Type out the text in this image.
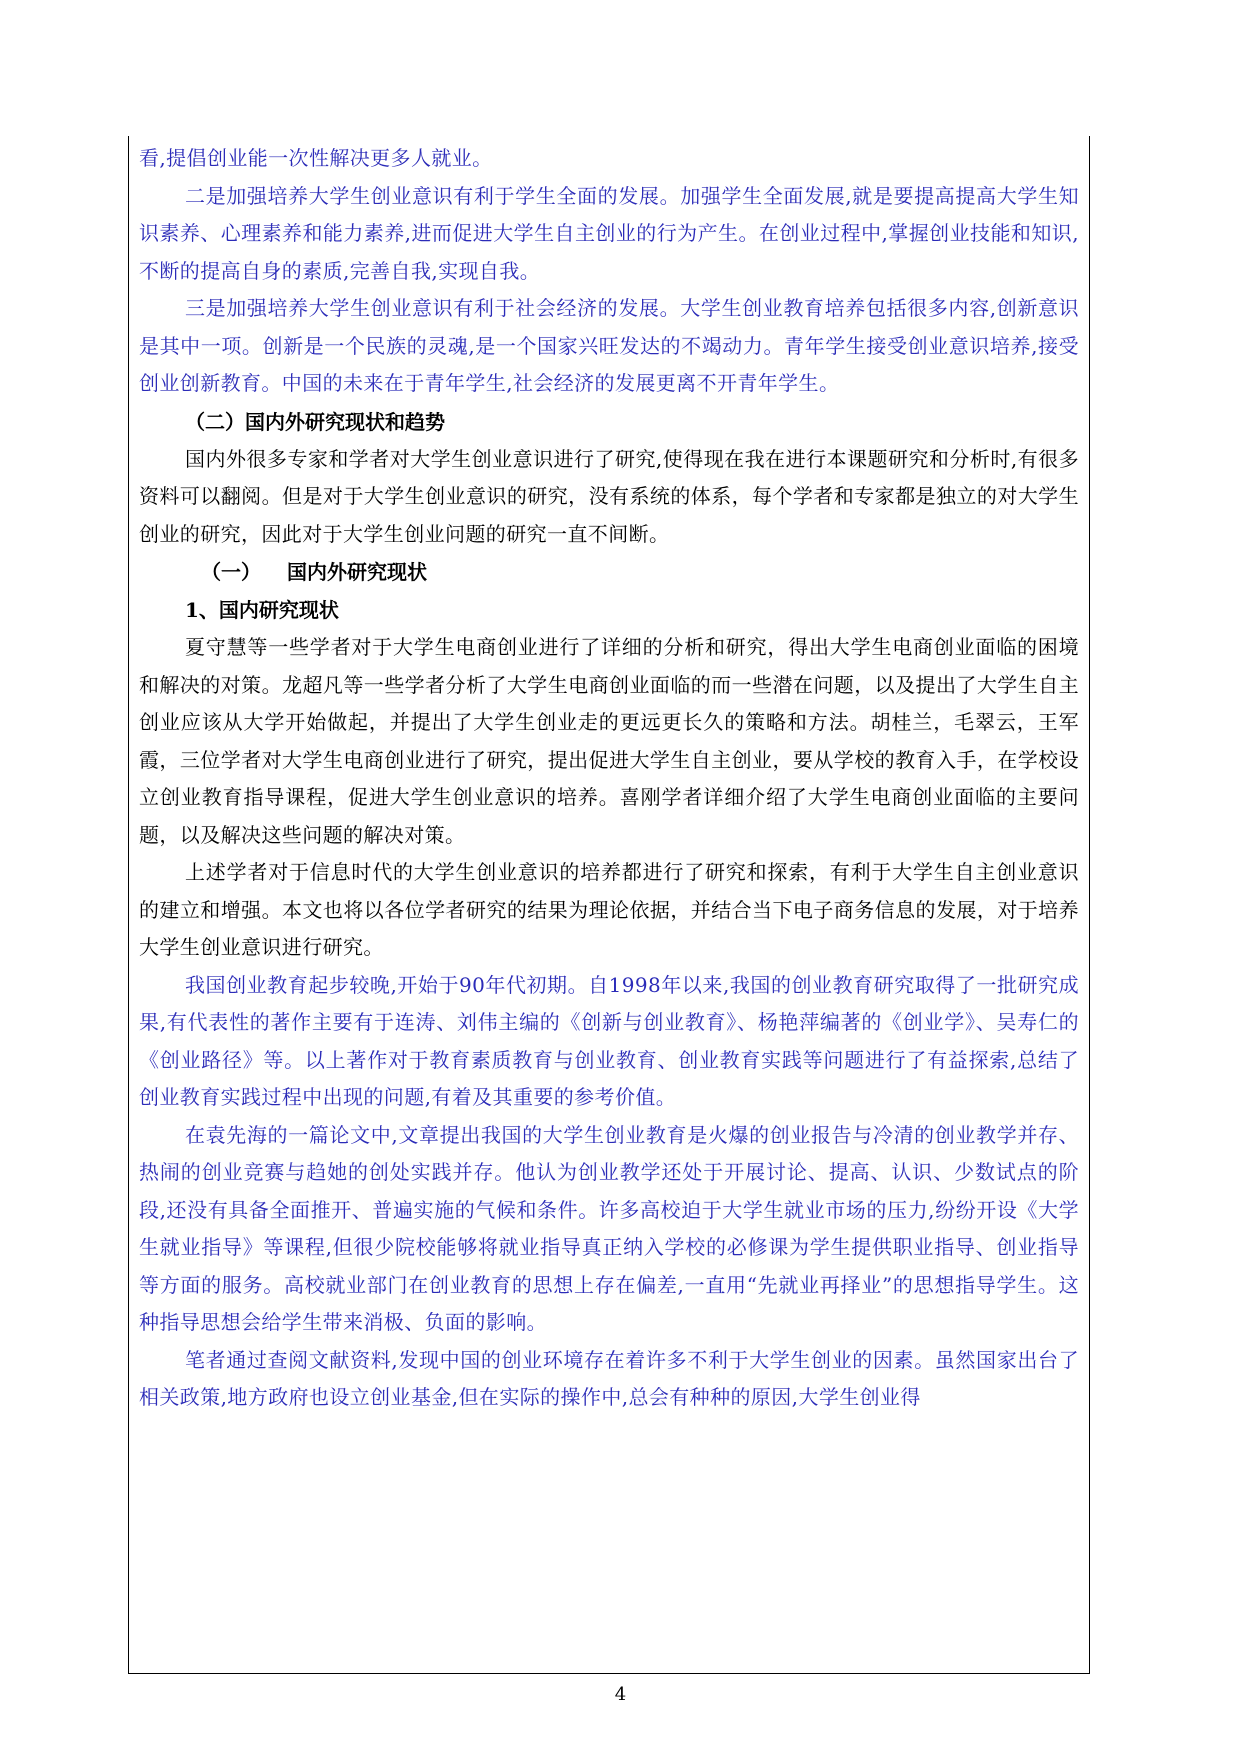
看,提倡创业能一次性解决更多人就业。

二是加强培养大学生创业意识有利于学生全面的发展。加强学生全面发展,就是要提高提高大学生知识素养、心理素养和能力素养,进而促进大学生自主创业的行为产生。在创业过程中,掌握创业技能和知识,不断的提高自身的素质,完善自我,实现自我。

三是加强培养大学生创业意识有利于社会经济的发展。大学生创业教育培养包括很多内容,创新意识是其中一项。创新是一个民族的灵魂,是一个国家兴旺发达的不竭动力。青年学生接受创业意识培养,接受创业创新教育。中国的未来在于青年学生,社会经济的发展更离不开青年学生。

（二）国内外研究现状和趋势

国内外很多专家和学者对大学生创业意识进行了研究,使得现在我在进行本课题研究和分析时,有很多资料可以翻阅。但是对于大学生创业意识的研究，没有系统的体系，每个学者和专家都是独立的对大学生创业的研究，因此对于大学生创业问题的研究一直不间断。

（一） 国内外研究现状

1、国内研究现状

夏守慧等一些学者对于大学生电商创业进行了详细的分析和研究，得出大学生电商创业面临的困境和解决的对策。龙超凡等一些学者分析了大学生电商创业面临的而一些潜在问题，以及提出了大学生自主创业应该从大学开始做起，并提出了大学生创业走的更远更长久的策略和方法。胡桂兰，毛翠云，王军霞，三位学者对大学生电商创业进行了研究，提出促进大学生自主创业，要从学校的教育入手，在学校设立创业教育指导课程，促进大学生创业意识的培养。喜刚学者详细介绍了大学生电商创业面临的主要问题，以及解决这些问题的解决对策。

上述学者对于信息时代的大学生创业意识的培养都进行了研究和探索，有利于大学生自主创业意识的建立和增强。本文也将以各位学者研究的结果为理论依据，并结合当下电子商务信息的发展，对于培养大学生创业意识进行研究。

我国创业教育起步较晚,开始于90年代初期。自1998年以来,我国的创业教育研究取得了一批研究成果,有代表性的著作主要有于连涛、刘伟主编的《创新与创业教育》、杨艳萍编著的《创业学》、吴寿仁的《创业路径》等。以上著作对于教育素质教育与创业教育、创业教育实践等问题进行了有益探索,总结了创业教育实践过程中出现的问题,有着及其重要的参考价值。

在袁先海的一篇论文中,文章提出我国的大学生创业教育是火爆的创业报告与冷清的创业教学并存、热闹的创业竞赛与趋她的创处实践并存。他认为创业教学还处于开展讨论、提高、认识、少数试点的阶段,还没有具备全面推开、普遍实施的气候和条件。许多高校迫于大学生就业市场的压力,纷纷开设《大学生就业指导》等课程,但很少院校能够将就业指导真正纳入学校的必修课为学生提供职业指导、创业指导等方面的服务。高校就业部门在创业教育的思想上存在偏差,一直用“先就业再择业”的思想指导学生。这种指导思想会给学生带来消极、负面的影响。

笔者通过查阅文献资料,发现中国的创业环境存在着许多不利于大学生创业的因素。虽然国家出台了相关政策,地方政府也设立创业基金,但在实际的操作中,总会有种种的原因,大学生创业得

4
